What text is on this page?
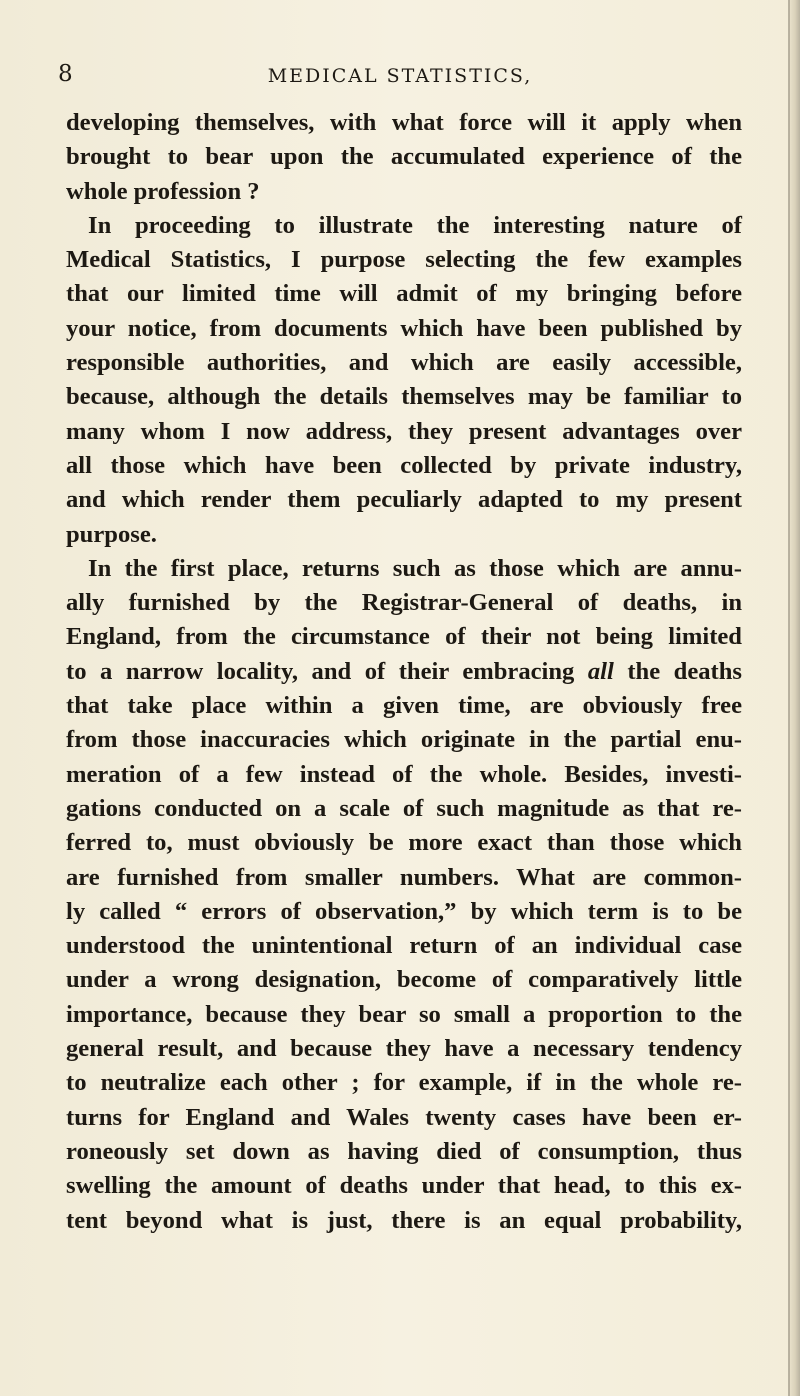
8	MEDICAL STATISTICS,
developing themselves, with what force will it apply when
brought to bear upon the accumulated experience of the
whole profession ?
In proceeding to illustrate the interesting nature of
Medical Statistics, I purpose selecting the few examples
that our limited time will admit of my bringing before
your notice, from documents which have been published by
responsible authorities, and which are easily accessible,
because, although the details themselves may be familiar to
many whom I now address, they present advantages over
all those which have been collected by private industry,
and which render them peculiarly adapted to my present
purpose.
In the first place, returns such as those which are annu-
ally furnished by the Registrar-General of deaths, in
England, from the circumstance of their not being limited
to a narrow locality, and of their embracing all the deaths
that take place within a given time, are obviously free
from those inaccuracies which originate in the partial enu-
meration of a few instead of the whole. Besides, investi-
gations conducted on a scale of such magnitude as that re-
ferred to, must obviously be more exact than those which
are furnished from smaller numbers. What are common-
ly called “ errors of observation,” by which term is to be
understood the unintentional return of an individual case
under a wrong designation, become of comparatively little
importance, because they bear so small a proportion to the
general result, and because they have a necessary tendency
to neutralize each other ; for example, if in the whole re-
turns for England and Wales twenty cases have been er-
roneously set down as having died of consumption, thus
swelling the amount of deaths under that head, to this ex-
tent beyond what is just, there is an equal probability,
